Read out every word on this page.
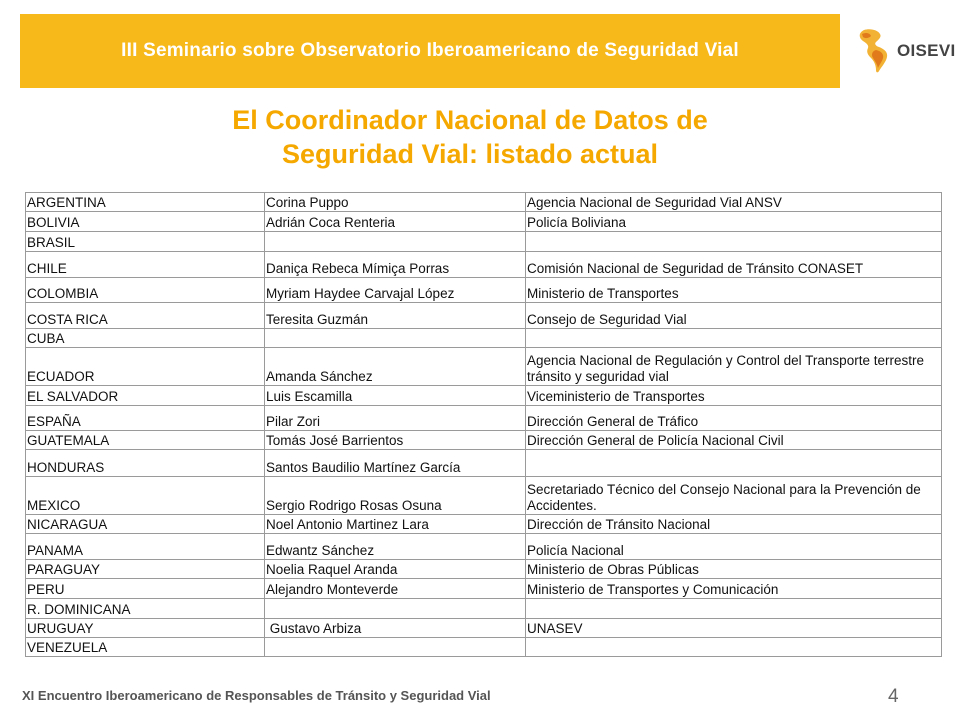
III Seminario sobre Observatorio Iberoamericano de Seguridad Vial	OISEVI
El Coordinador Nacional de Datos de
Seguridad Vial: listado actual
ARGENTINA	Corina Puppo	Agencia Nacional de Seguridad Vial ANSV
BOLIVIA	Adrián Coca Renteria	Policía Boliviana
BRASIL		
CHILE	Daniça Rebeca Mímiça Porras	Comisión Nacional de Seguridad de Tránsito CONASET
COLOMBIA	Myriam Haydee Carvajal López	Ministerio de Transportes
COSTA RICA	Teresita Guzmán	Consejo de Seguridad Vial
CUBA		
ECUADOR	Amanda Sánchez	Agencia Nacional de Regulación y Control del Transporte terrestre tránsito y seguridad vial
EL SALVADOR	Luis Escamilla	Viceministerio de Transportes
ESPAÑA	Pilar Zori	Dirección General de Tráfico
GUATEMALA	Tomás José Barrientos	Dirección General de Policía Nacional Civil
HONDURAS	Santos Baudilio Martínez García	
MEXICO	Sergio Rodrigo Rosas Osuna	Secretariado Técnico del Consejo Nacional para la Prevención de Accidentes.
NICARAGUA	Noel Antonio Martinez Lara	Dirección de Tránsito Nacional
PANAMA	Edwantz Sánchez	Policía Nacional
PARAGUAY	Noelia Raquel Aranda	Ministerio de Obras Públicas
PERU	Alejandro Monteverde	Ministerio de Transportes y Comunicación
R. DOMINICANA		
URUGUAY	Gustavo Arbiza	UNASEV
VENEZUELA		
XI Encuentro Iberoamericano de Responsables de Tránsito y Seguridad Vial	4
